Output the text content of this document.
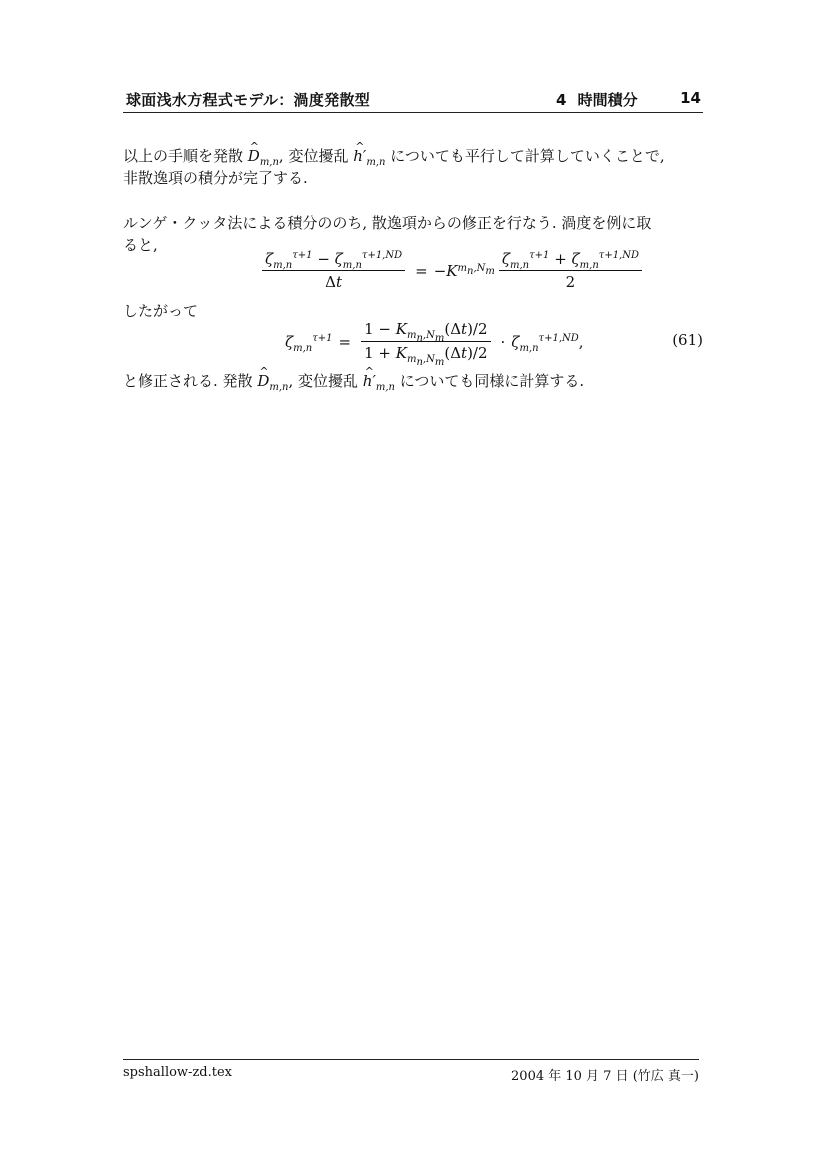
球面浅水方程式モデル：渦度発散型	4 時間積分	14
以上の手順を発散 ^ $D_{m,n}$, 変位擾乱 ^ $h'_{m,n}$ についても平行して計算していくことで,
非散逸項の積分が完了する.
ルンゲ・クッタ法による積分ののち, 散逸項からの修正を行なう. 渦度を例に取
ると,
$\frac{\zeta_{m,n}^{\tau+1} - \zeta_{m,n}^{\tau+1,ND}}{\Delta t}$ = − K $m_n,N_m \frac{\zeta_{m,n}^{\tau+1} + \zeta_{m,n}^{\tau+1,ND}}{2}$
したがって
$\zeta_{m,n}^{\tau+1} = \frac{1 - K_{m_n,N_m}(\Delta t)/2}{1 + K_{m_n,N_m}(\Delta t)/2} \cdot \zeta_{m,n}^{\tau+1,ND}$,	(61)
と修正される. 発散 ^ $D_{m,n}$, 変位擾乱 ^ $h'_{m,n}$ についても同様に計算する.
spshallow-zd.tex	2004 年 10 月 7 日 (竹広 真一)
